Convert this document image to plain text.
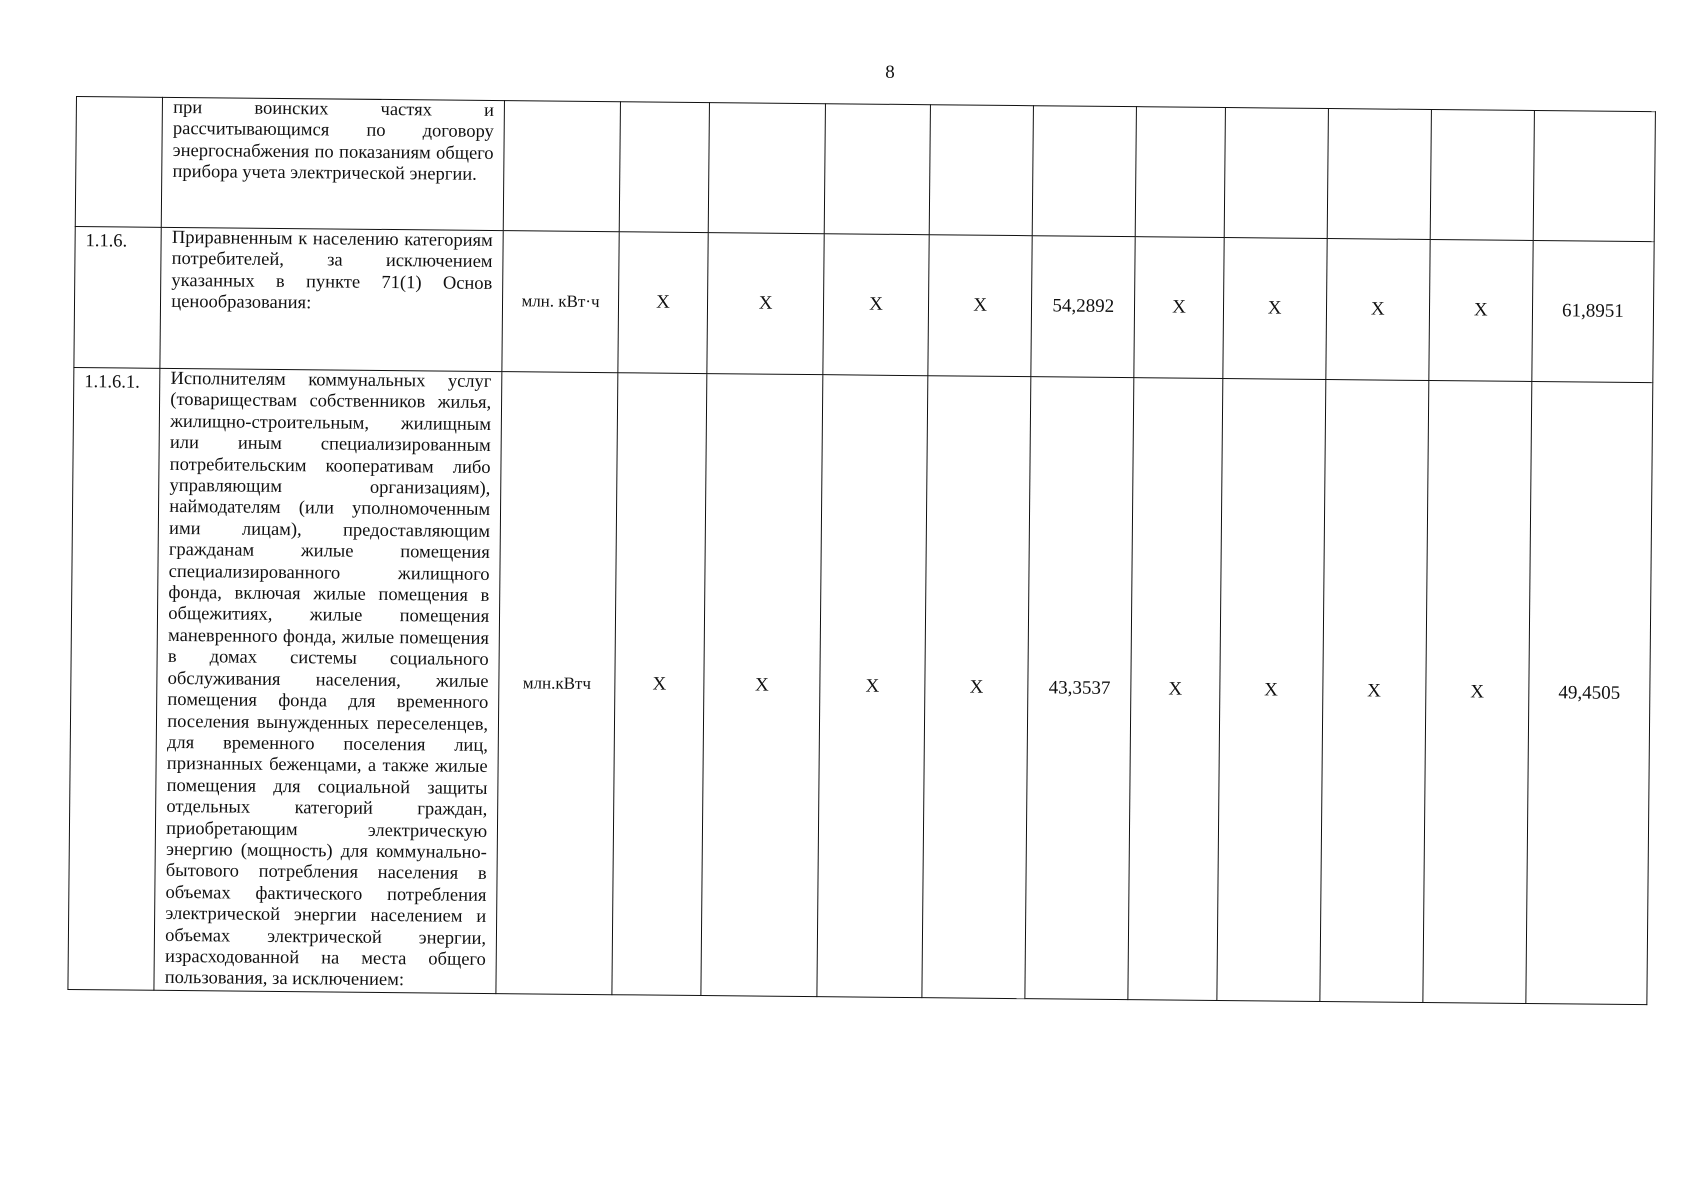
8
	при воинских частях и рассчитывающимся по договору энергоснабжения по показаниям общего прибора учета электрической энергии.											
1.1.6.	Приравненным к населению категориям потребителей, за исключением указанных в пункте 71(1) Основ ценообразования:	млн. кВт·ч	X	X	X	X	54,2892	X	X	X	X	61,8951
1.1.6.1.	Исполнителям коммунальных услуг (товариществам собственников жилья, жилищно-строительным, жилищным или иным специализированным потребительским кооперативам либо управляющим организациям), наймодателям (или уполномоченным ими лицам), предоставляющим гражданам жилые помещения специализированного жилищного фонда, включая жилые помещения в общежитиях, жилые помещения маневренного фонда, жилые помещения в домах системы социального обслуживания населения, жилые помещения фонда для временного поселения вынужденных переселенцев, для временного поселения лиц, признанных беженцами, а также жилые помещения для социальной защиты отдельных категорий граждан, приобретающим электрическую энергию (мощность) для коммунально-бытового потребления населения в объемах фактического потребления электрической энергии населением и объемах электрической энергии, израсходованной на места общего пользования, за исключением:	млн.кВтч	X	X	X	X	43,3537	X	X	X	X	49,4505
